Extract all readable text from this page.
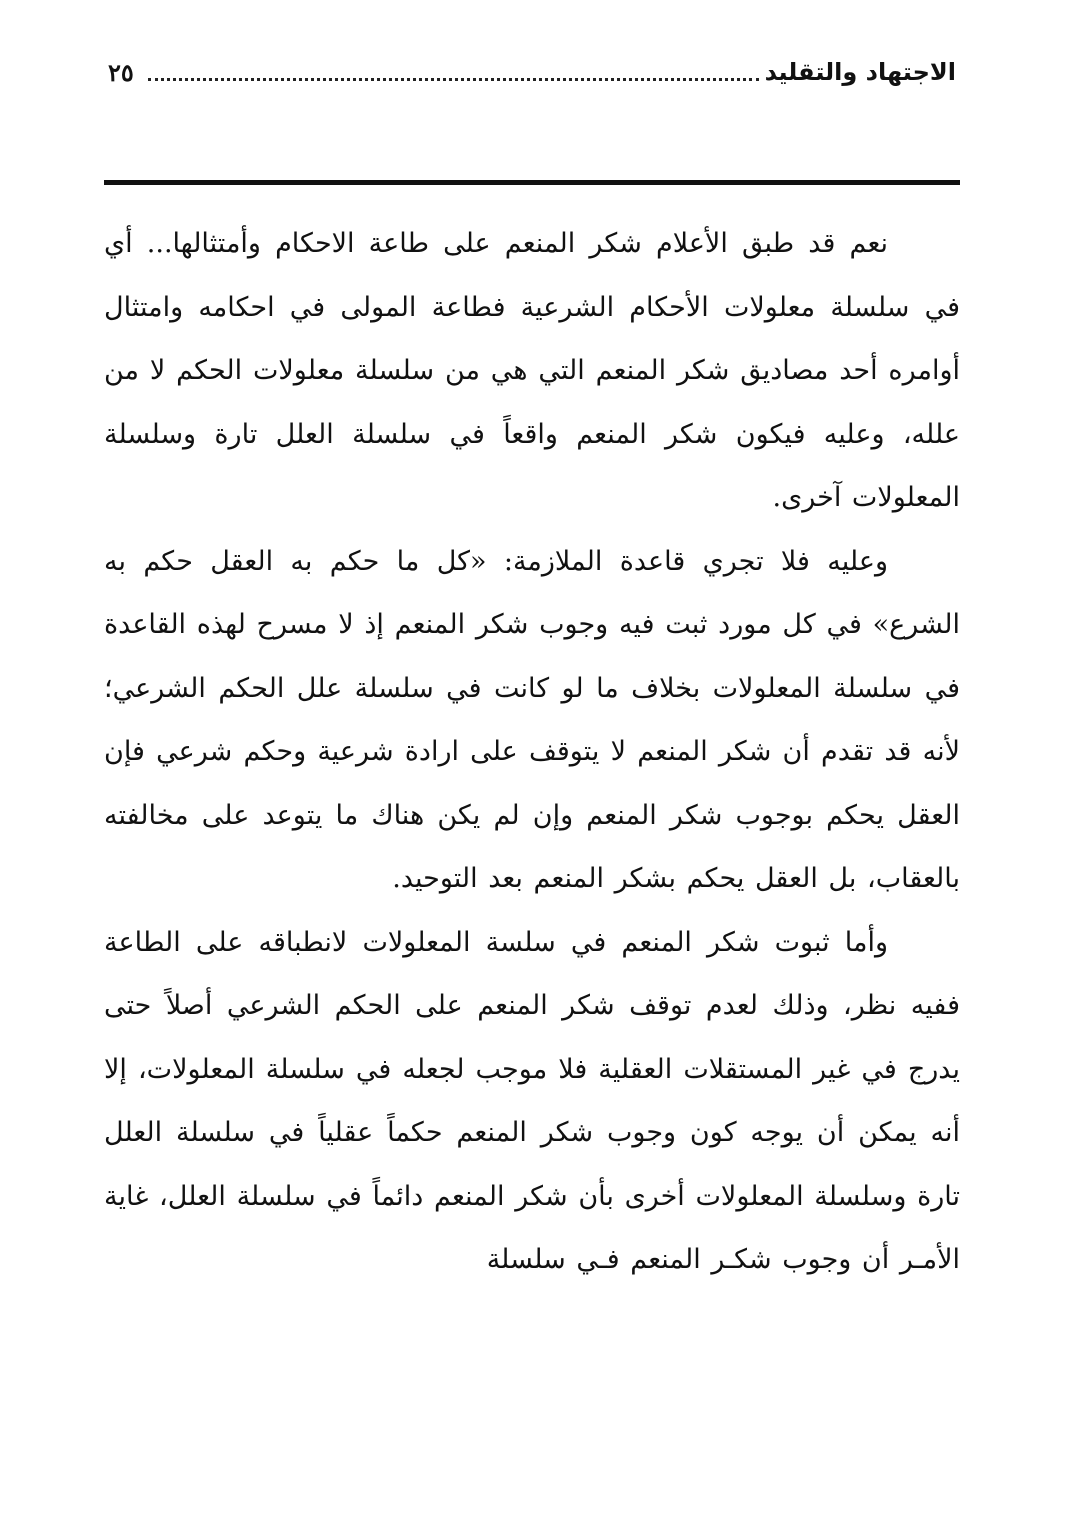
٢٥	الاجتهاد والتقليد

نعم قد طبق الأعلام شكر المنعم على طاعة الاحكام وأمتثالها... أي في سلسلة معلولات الأحكام الشرعية فطاعة المولى في احكامه وامتثال أوامره أحد مصاديق شكر المنعم التي هي من سلسلة معلولات الحكم لا من علله، وعليه فيكون شكر المنعم واقعاً في سلسلة العلل تارة وسلسلة المعلولات آخرى.

وعليه فلا تجري قاعدة الملازمة: «كل ما حكم به العقل حكم به الشرع» في كل مورد ثبت فيه وجوب شكر المنعم إذ لا مسرح لهذه القاعدة في سلسلة المعلولات بخلاف ما لو كانت في سلسلة علل الحكم الشرعي؛ لأنه قد تقدم أن شكر المنعم لا يتوقف على ارادة شرعية وحكم شرعي فإن العقل يحكم بوجوب شكر المنعم وإن لم يكن هناك ما يتوعد على مخالفته بالعقاب، بل العقل يحكم بشكر المنعم بعد التوحيد.

وأما ثبوت شكر المنعم في سلسة المعلولات لانطباقه على الطاعة ففيه نظر، وذلك لعدم توقف شكر المنعم على الحكم الشرعي أصلاً حتى يدرج في غير المستقلات العقلية فلا موجب لجعله في سلسلة المعلولات، إلا أنه يمكن أن يوجه كون وجوب شكر المنعم حكماً عقلياً في سلسلة العلل تارة وسلسلة المعلولات أخرى بأن شكر المنعم دائماً في سلسلة العلل، غاية الأمـر أن وجوب شكـر المنعم فـي سلسلة
